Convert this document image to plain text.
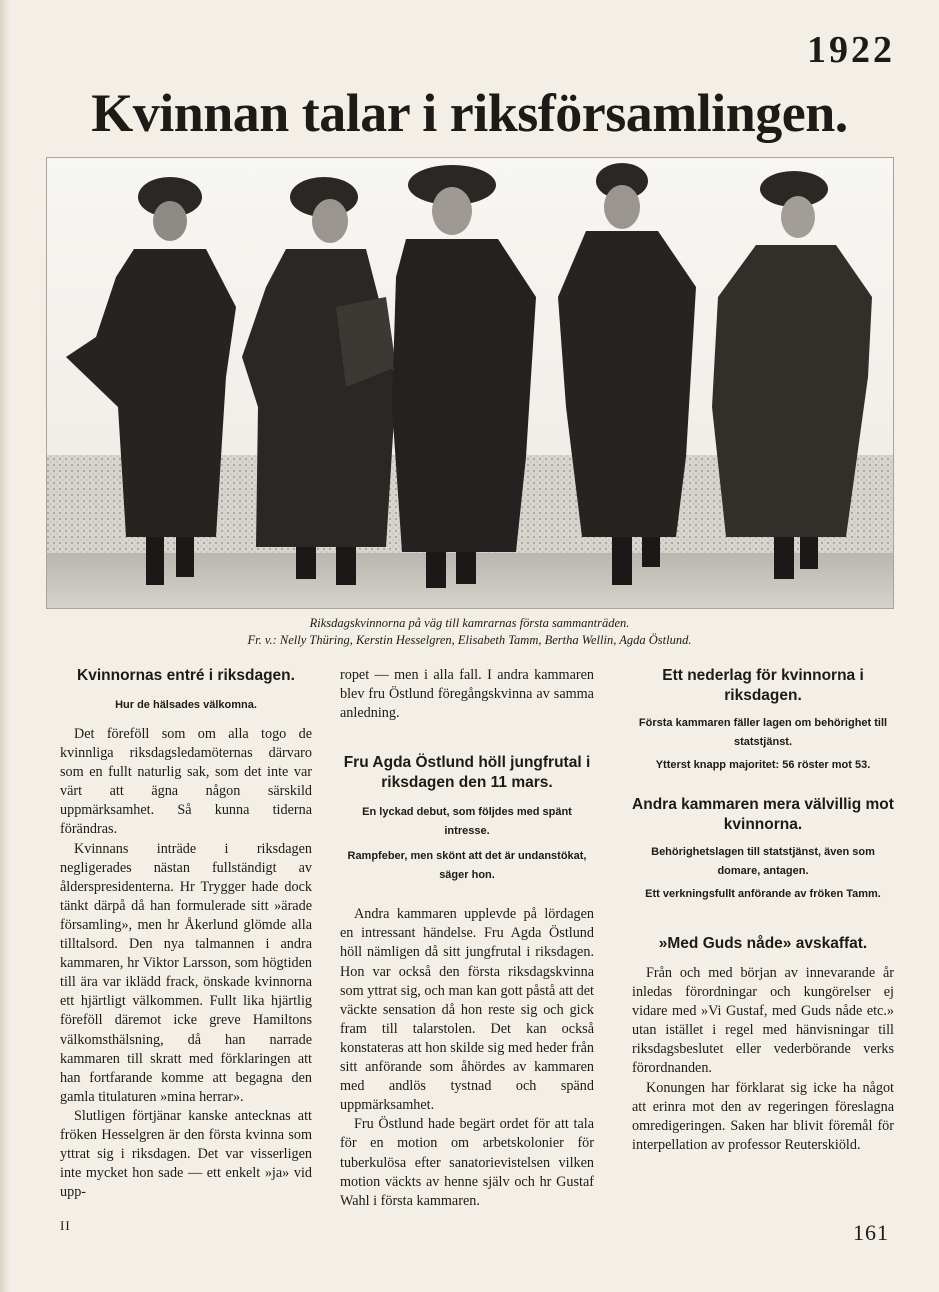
1922
Kvinnan talar i riksförsamlingen.
Riksdagskvinnorna på väg till kamrarnas första sammanträden.
Fr. v.: Nelly Thüring, Kerstin Hesselgren, Elisabeth Tamm, Bertha Wellin, Agda Östlund.
Kvinnornas entré i riksdagen.
Hur de hälsades välkomna.

Det föreföll som om alla togo de kvinnliga riksdagsledamöternas därvaro som en fullt naturlig sak, som det inte var värt att ägna någon särskild uppmärksamhet. Så kunna tiderna förändras.

Kvinnans inträde i riksdagen negligerades nästan fullständigt av ålderspresidenterna. Hr Trygger hade dock tänkt därpå då han formulerade sitt »ärade församling», men hr Åkerlund glömde alla tilltalsord. Den nya talmannen i andra kammaren, hr Viktor Larsson, som högtiden till ära var iklädd frack, önskade kvinnorna ett hjärtligt välkommen. Fullt lika hjärtlig föreföll däremot icke greve Hamiltons välkomsthälsning, då han narrade kammaren till skratt med förklaringen att han fortfarande komme att begagna den gamla titulaturen »mina herrar».

Slutligen förtjänar kanske antecknas att fröken Hesselgren är den första kvinna som yttrat sig i riksdagen. Det var visserligen inte mycket hon sade — ett enkelt »ja» vid upp-

ropet — men i alla fall. I andra kammaren blev fru Östlund föregångskvinna av samma anledning.

Fru Agda Östlund höll jungfrutal i riksdagen den 11 mars.
En lyckad debut, som följdes med spänt intresse.
Rampfeber, men skönt att det är undanstökat, säger hon.

Andra kammaren upplevde på lördagen en intressant händelse. Fru Agda Östlund höll nämligen då sitt jungfrutal i riksdagen. Hon var också den första riksdagskvinna som yttrat sig, och man kan gott påstå att det väckte sensation då hon reste sig och gick fram till talarstolen. Det kan också konstateras att hon skilde sig med heder från sitt anförande som åhördes av kammaren med andlös tystnad och spänd uppmärksamhet.

Fru Östlund hade begärt ordet för att tala för en motion om arbetskolonier för tuberkulösa efter sanatorievistelsen vilken motion väckts av henne själv och hr Gustaf Wahl i första kammaren.

Ett nederlag för kvinnorna i riksdagen.
Första kammaren fäller lagen om behörighet till statstjänst.
Ytterst knapp majoritet: 56 röster mot 53.
Andra kammaren mera välvillig mot kvinnorna.
Behörighetslagen till statstjänst, även som domare, antagen.
Ett verkningsfullt anförande av fröken Tamm.
»Med Guds nåde» avskaffat.

Från och med början av innevarande år inledas förordningar och kungörelser ej vidare med »Vi Gustaf, med Guds nåde etc.» utan istället i regel med hänvisningar till riksdagsbeslutet eller vederbörande verks förordnanden.

Konungen har förklarat sig icke ha något att erinra mot den av regeringen föreslagna omredigeringen. Saken har blivit föremål för interpellation av professor Reuterskiöld.

II	161
